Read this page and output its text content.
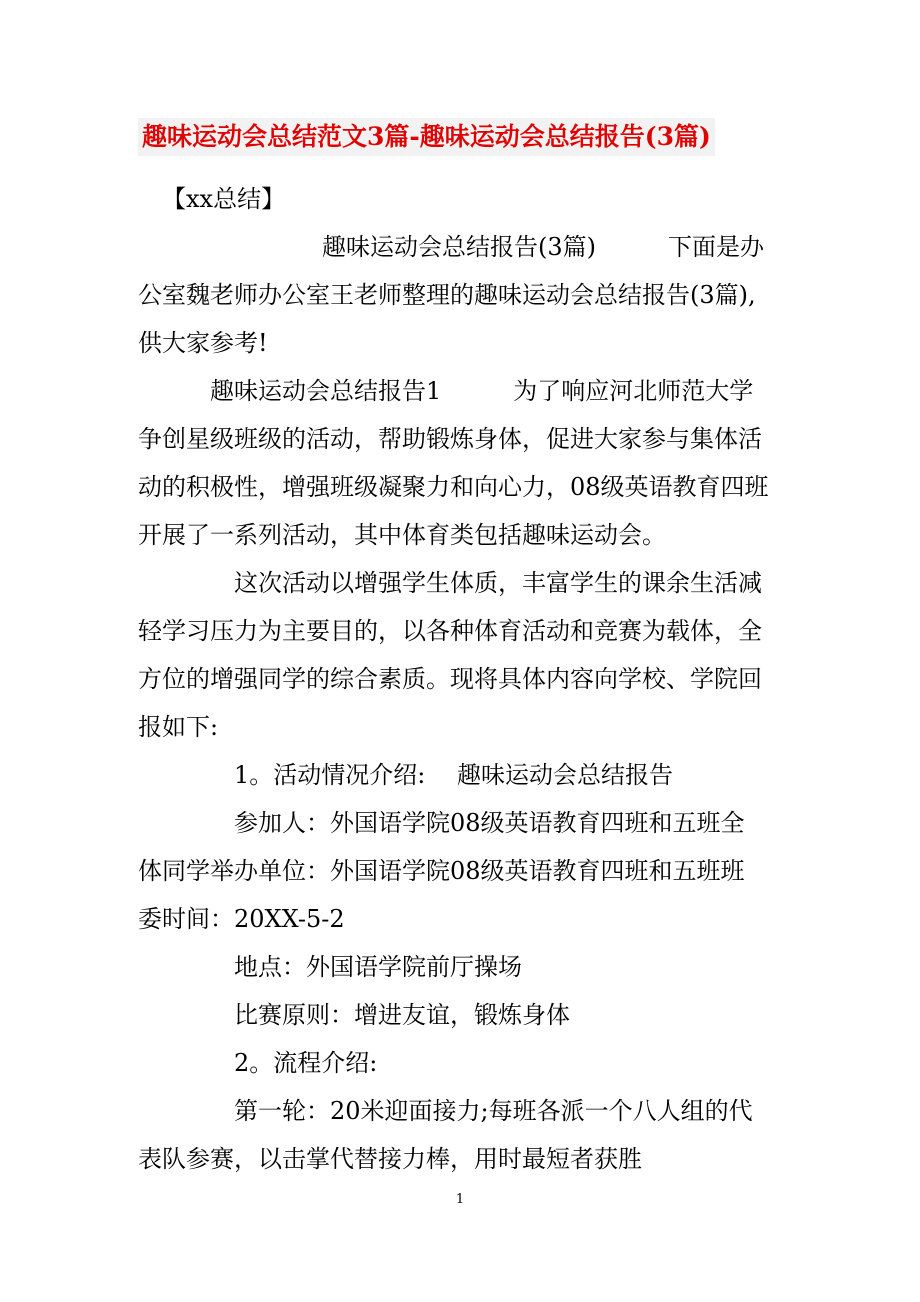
趣味运动会总结范文3篇-趣味运动会总结报告(3篇)
【xx总结】
趣味运动会总结报告(3篇)　　　下面是办
公室魏老师办公室王老师整理的趣味运动会总结报告(3篇),
供大家参考!
趣味运动会总结报告1　　　为了响应河北师范大学
争创星级班级的活动，帮助锻炼身体，促进大家参与集体活
动的积极性，增强班级凝聚力和向心力，08级英语教育四班
开展了一系列活动，其中体育类包括趣味运动会。
这次活动以增强学生体质，丰富学生的课余生活减
轻学习压力为主要目的，以各种体育活动和竞赛为载体，全
方位的增强同学的综合素质。现将具体内容向学校、学院回
报如下:
1。活动情况介绍:　 趣味运动会总结报告
参加人：外国语学院08级英语教育四班和五班全
体同学举办单位：外国语学院08级英语教育四班和五班班
委时间：20XX-5-2
地点：外国语学院前厅操场
比赛原则：增进友谊，锻炼身体
2。流程介绍:
第一轮：20米迎面接力;每班各派一个八人组的代
表队参赛，以击掌代替接力棒，用时最短者获胜
1
